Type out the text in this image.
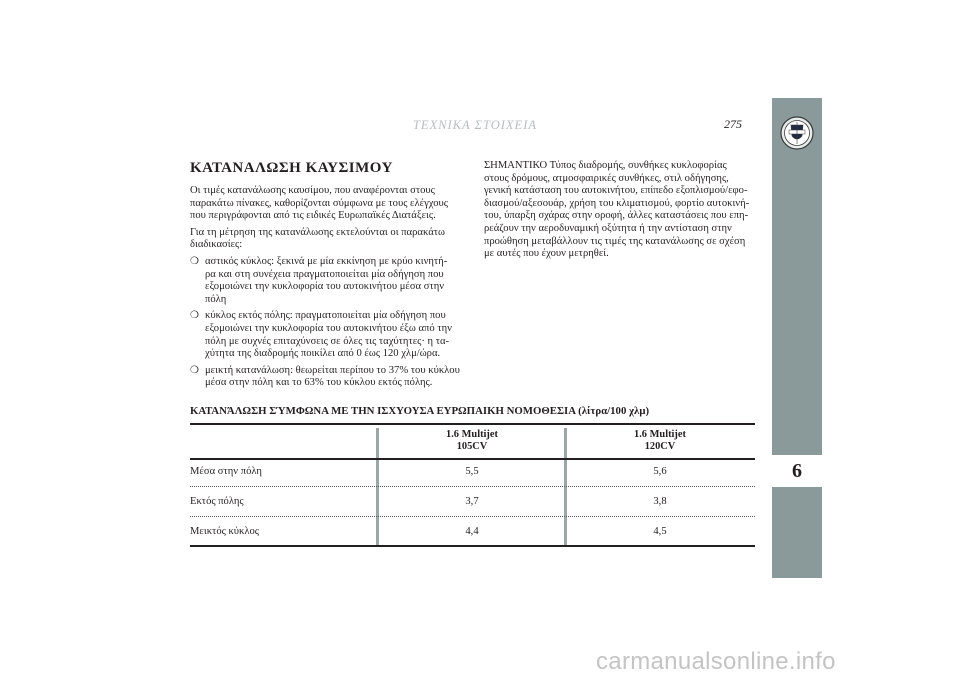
ΤΕΧΝΙΚΑ ΣΤΟΙΧΕΙΑ	275
6
ΚΑΤΑΝΑΛΩΣΗ ΚΑΥΣΙΜΟΥ

Οι τιμές κατανάλωσης καυσίμου, που αναφέρονται στους
παρακάτω πίνακες, καθορίζονται σύμφωνα με τους ελέγχους
που περιγράφονται από τις ειδικές Ευρωπαϊκές Διατάξεις.

Για τη μέτρηση της κατανάλωσης εκτελούνται οι παρακάτω
διαδικασίες:

❍ αστικός κύκλος: ξεκινά με μία εκκίνηση με κρύο κινητή-
ρα και στη συνέχεια πραγματοποιείται μία οδήγηση που
εξομοιώνει την κυκλοφορία του αυτοκινήτου μέσα στην
πόλη
❍ κύκλος εκτός πόλης: πραγματοποιείται μία οδήγηση που
εξομοιώνει την κυκλοφορία του αυτοκινήτου έξω από την
πόλη με συχνές επιταχύνσεις σε όλες τις ταχύτητες· η τα-
χύτητα της διαδρομής ποικίλει από 0 έως 120 χλμ/ώρα.
❍ μεικτή κατανάλωση: θεωρείται περίπου το 37% του κύκλου
μέσα στην πόλη και το 63% του κύκλου εκτός πόλης.
ΣΗΜΑΝΤΙΚΟ Τύπος διαδρομής, συνθήκες κυκλοφορίας
στους δρόμους, ατμοσφαιρικές συνθήκες, στιλ οδήγησης,
γενική κατάσταση του αυτοκινήτου, επίπεδο εξοπλισμού/εφο-
διασμού/αξεσουάρ, χρήση του κλιματισμού, φορτίο αυτοκινή-
του, ύπαρξη σχάρας στην οροφή, άλλες καταστάσεις που επη-
ρεάζουν την αεροδυναμική οξύτητα ή την αντίσταση στην
προώθηση μεταβάλλουν τις τιμές της κατανάλωσης σε σχέση
με αυτές που έχουν μετρηθεί.
ΚΑΤΑΝΆΛΩΣΗ ΣΎΜΦΩΝΑ ΜΕ ΤΗΝ ΙΣΧΥΟΥΣΑ ΕΥΡΩΠΑΙΚΗ ΝΟΜΟΘΕΣΙΑ (λίτρα/100 χλμ)
1.6 Multijet
105CV
1.6 Multijet
120CV
Μέσα στην πόλη	5,5	5,6
Εκτός πόλης	3,7	3,8
Μεικτός κύκλος	4,4	4,5
carmanualsonline.info
